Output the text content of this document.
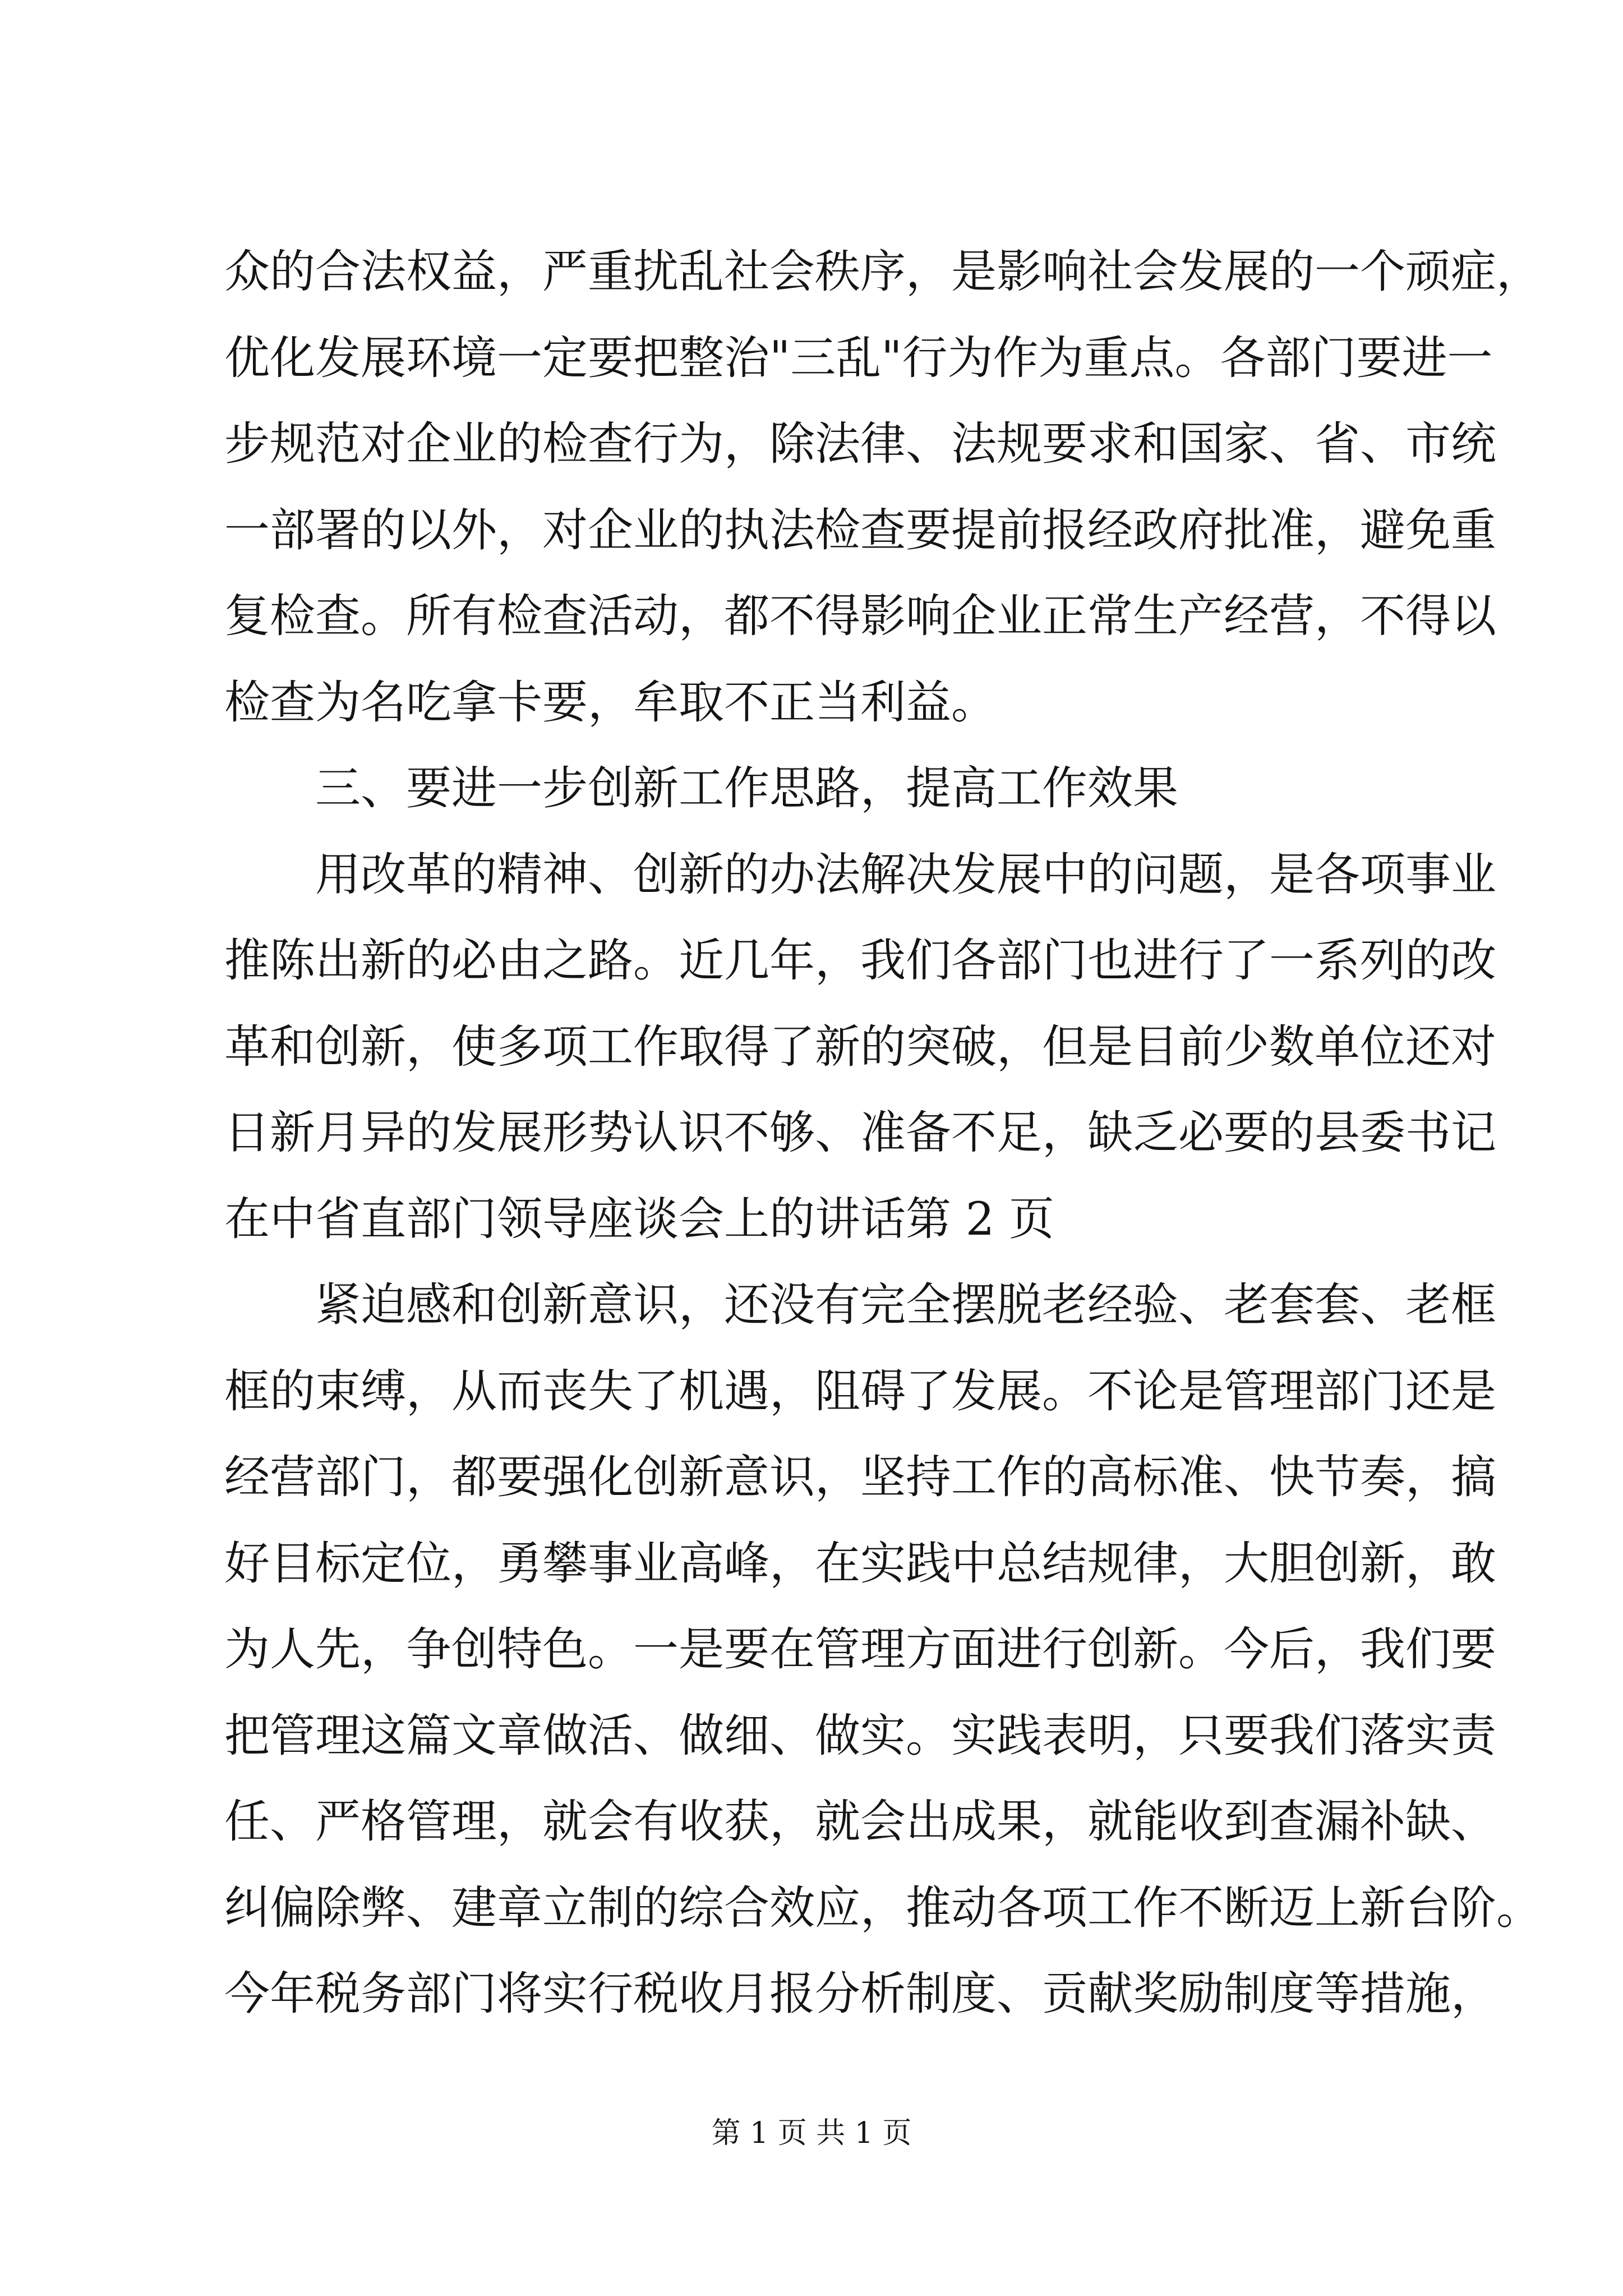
众的合法权益，严重扰乱社会秩序，是影响社会发展的一个顽症，
优化发展环境一定要把整治"三乱"行为作为重点。各部门要进一
步规范对企业的检查行为，除法律、法规要求和国家、省、市统
一部署的以外，对企业的执法检查要提前报经政府批准，避免重
复检查。所有检查活动，都不得影响企业正常生产经营，不得以
检查为名吃拿卡要，牟取不正当利益。
三、要进一步创新工作思路，提高工作效果
用改革的精神、创新的办法解决发展中的问题，是各项事业
推陈出新的必由之路。近几年，我们各部门也进行了一系列的改
革和创新，使多项工作取得了新的突破，但是目前少数单位还对
日新月异的发展形势认识不够、准备不足，缺乏必要的县委书记
在中省直部门领导座谈会上的讲话第 2 页
紧迫感和创新意识，还没有完全摆脱老经验、老套套、老框
框的束缚，从而丧失了机遇，阻碍了发展。不论是管理部门还是
经营部门，都要强化创新意识，坚持工作的高标准、快节奏，搞
好目标定位，勇攀事业高峰，在实践中总结规律，大胆创新，敢
为人先，争创特色。一是要在管理方面进行创新。今后，我们要
把管理这篇文章做活、做细、做实。实践表明，只要我们落实责
任、严格管理，就会有收获，就会出成果，就能收到查漏补缺、
纠偏除弊、建章立制的综合效应，推动各项工作不断迈上新台阶。
今年税务部门将实行税收月报分析制度、贡献奖励制度等措施，
第 1 页 共 1 页
